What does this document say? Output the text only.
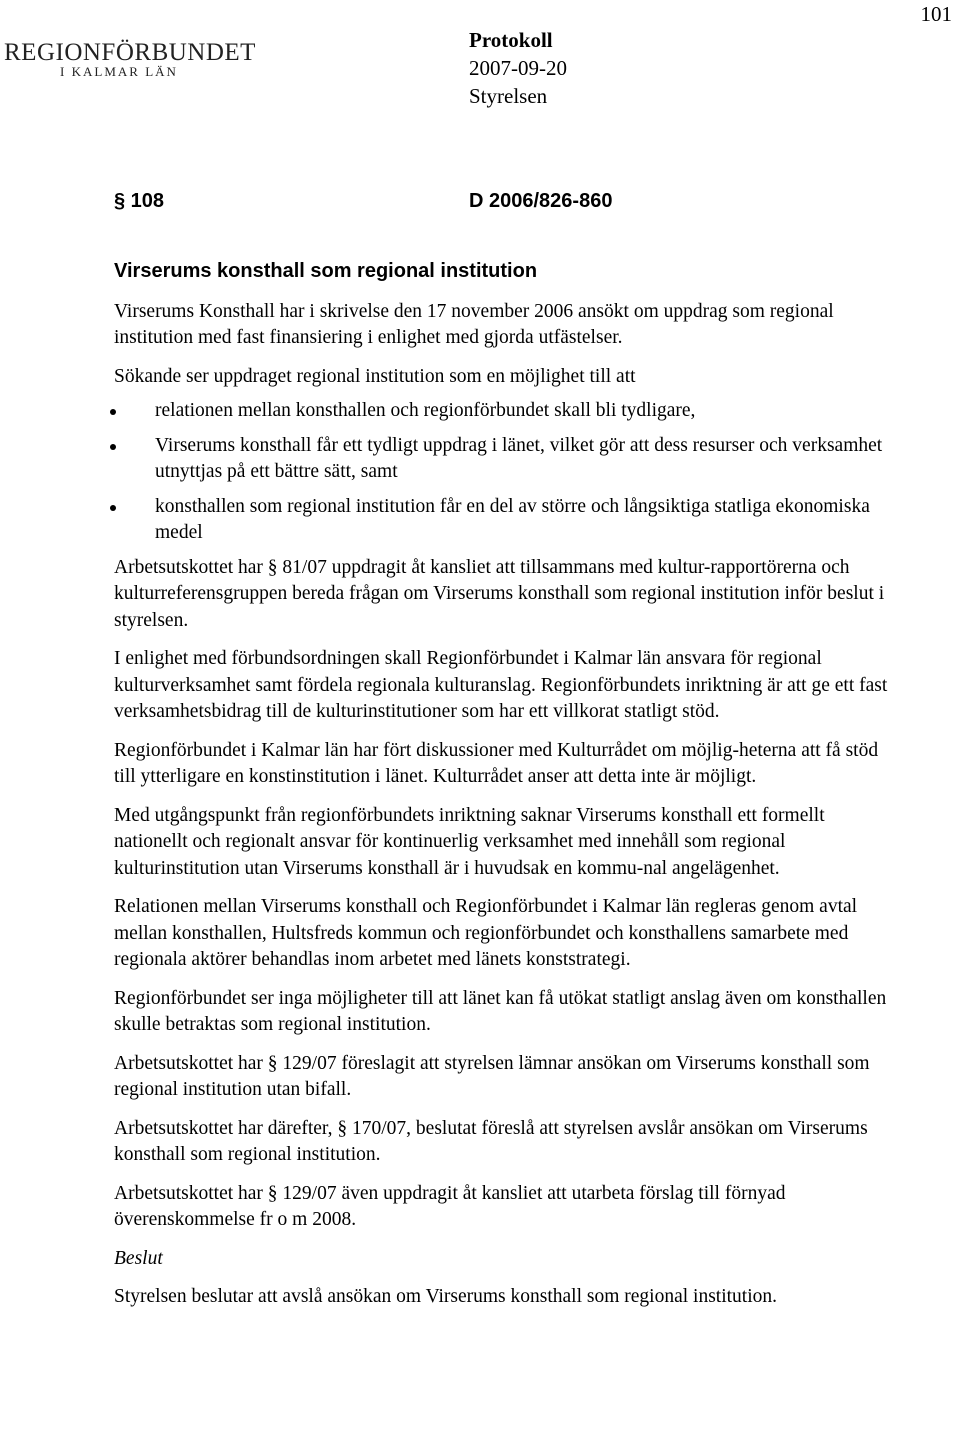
101
REGIONFÖRBUNDET
I KALMAR LÄN
Protokoll
2007-09-20
Styrelsen
§ 108	D 2006/826-860
Virserums konsthall som regional institution

Virserums Konsthall har i skrivelse den 17 november 2006 ansökt om uppdrag som regional institution med fast finansiering i enlighet med gjorda utfästelser.

Sökande ser uppdraget regional institution som en möjlighet till att

relationen mellan konsthallen och regionförbundet skall bli tydligare,
Virserums konsthall får ett tydligt uppdrag i länet, vilket gör att dess resurser och verksamhet utnyttjas på ett bättre sätt, samt
konsthallen som regional institution får en del av större och långsiktiga statliga ekonomiska medel

Arbetsutskottet har § 81/07 uppdragit åt kansliet att tillsammans med kultur-rapportörerna och kulturreferensgruppen bereda frågan om Virserums konsthall som regional institution inför beslut i styrelsen.

I enlighet med förbundsordningen skall Regionförbundet i Kalmar län ansvara för regional kulturverksamhet samt fördela regionala kulturanslag. Regionförbundets inriktning är att ge ett fast verksamhetsbidrag till de kulturinstitutioner som har ett villkorat statligt stöd.

Regionförbundet i Kalmar län har fört diskussioner med Kulturrådet om möjlig-heterna att få stöd till ytterligare en konstinstitution i länet. Kulturrådet anser att detta inte är möjligt.

Med utgångspunkt från regionförbundets inriktning saknar Virserums konsthall ett formellt nationellt och regionalt ansvar för kontinuerlig verksamhet med innehåll som regional kulturinstitution utan Virserums konsthall är i huvudsak en kommu-nal angelägenhet.

Relationen mellan Virserums konsthall och Regionförbundet i Kalmar län regleras genom avtal mellan konsthallen, Hultsfreds kommun och regionförbundet och konsthallens samarbete med regionala aktörer behandlas inom arbetet med länets konststrategi.

Regionförbundet ser inga möjligheter till att länet kan få utökat statligt anslag även om konsthallen skulle betraktas som regional institution.

Arbetsutskottet har § 129/07 föreslagit att styrelsen lämnar ansökan om Virserums konsthall som regional institution utan bifall.

Arbetsutskottet har därefter, § 170/07, beslutat föreslå att styrelsen avslår ansökan om Virserums konsthall som regional institution.

Arbetsutskottet har § 129/07 även uppdragit åt kansliet att utarbeta förslag till förnyad överenskommelse fr o m 2008.

Beslut

Styrelsen beslutar att avslå ansökan om Virserums konsthall som regional institution.
